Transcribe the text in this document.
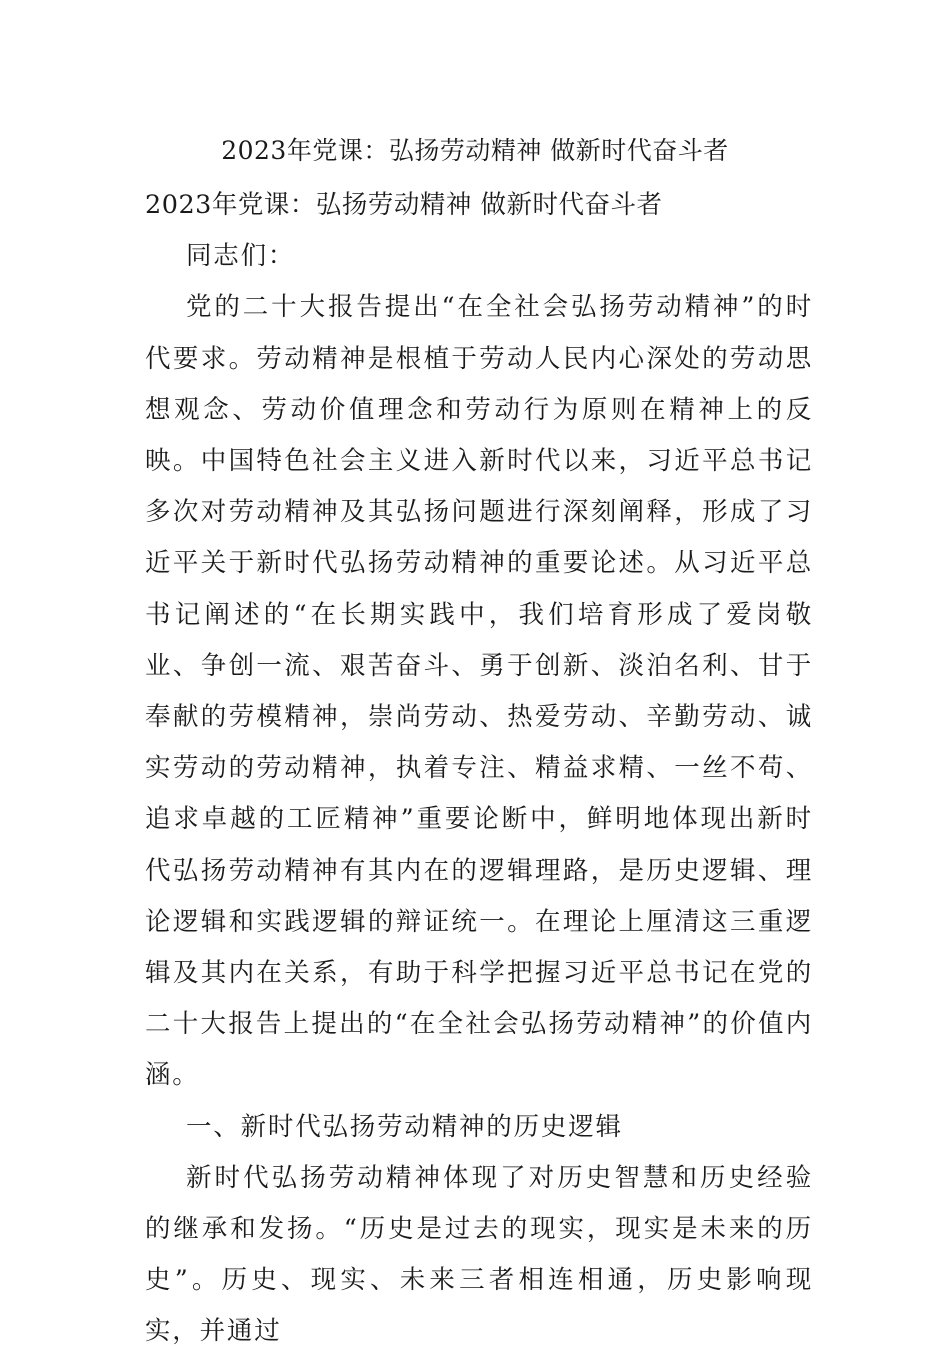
2023年党课：弘扬劳动精神 做新时代奋斗者

2023年党课：弘扬劳动精神 做新时代奋斗者

同志们：

党的二十大报告提出“在全社会弘扬劳动精神”的时代要求。劳动精神是根植于劳动人民内心深处的劳动思想观念、劳动价值理念和劳动行为原则在精神上的反映。中国特色社会主义进入新时代以来，习近平总书记多次对劳动精神及其弘扬问题进行深刻阐释，形成了习近平关于新时代弘扬劳动精神的重要论述。从习近平总书记阐述的“在长期实践中，我们培育形成了爱岗敬业、争创一流、艰苦奋斗、勇于创新、淡泊名利、甘于奉献的劳模精神，崇尚劳动、热爱劳动、辛勤劳动、诚实劳动的劳动精神，执着专注、精益求精、一丝不苟、追求卓越的工匠精神”重要论断中，鲜明地体现出新时代弘扬劳动精神有其内在的逻辑理路，是历史逻辑、理论逻辑和实践逻辑的辩证统一。在理论上厘清这三重逻辑及其内在关系，有助于科学把握习近平总书记在党的二十大报告上提出的“在全社会弘扬劳动精神”的价值内涵。

一、新时代弘扬劳动精神的历史逻辑

新时代弘扬劳动精神体现了对历史智慧和历史经验的继承和发扬。“历史是过去的现实，现实是未来的历史”。历史、现实、未来三者相连相通，历史影响现实，并通过
